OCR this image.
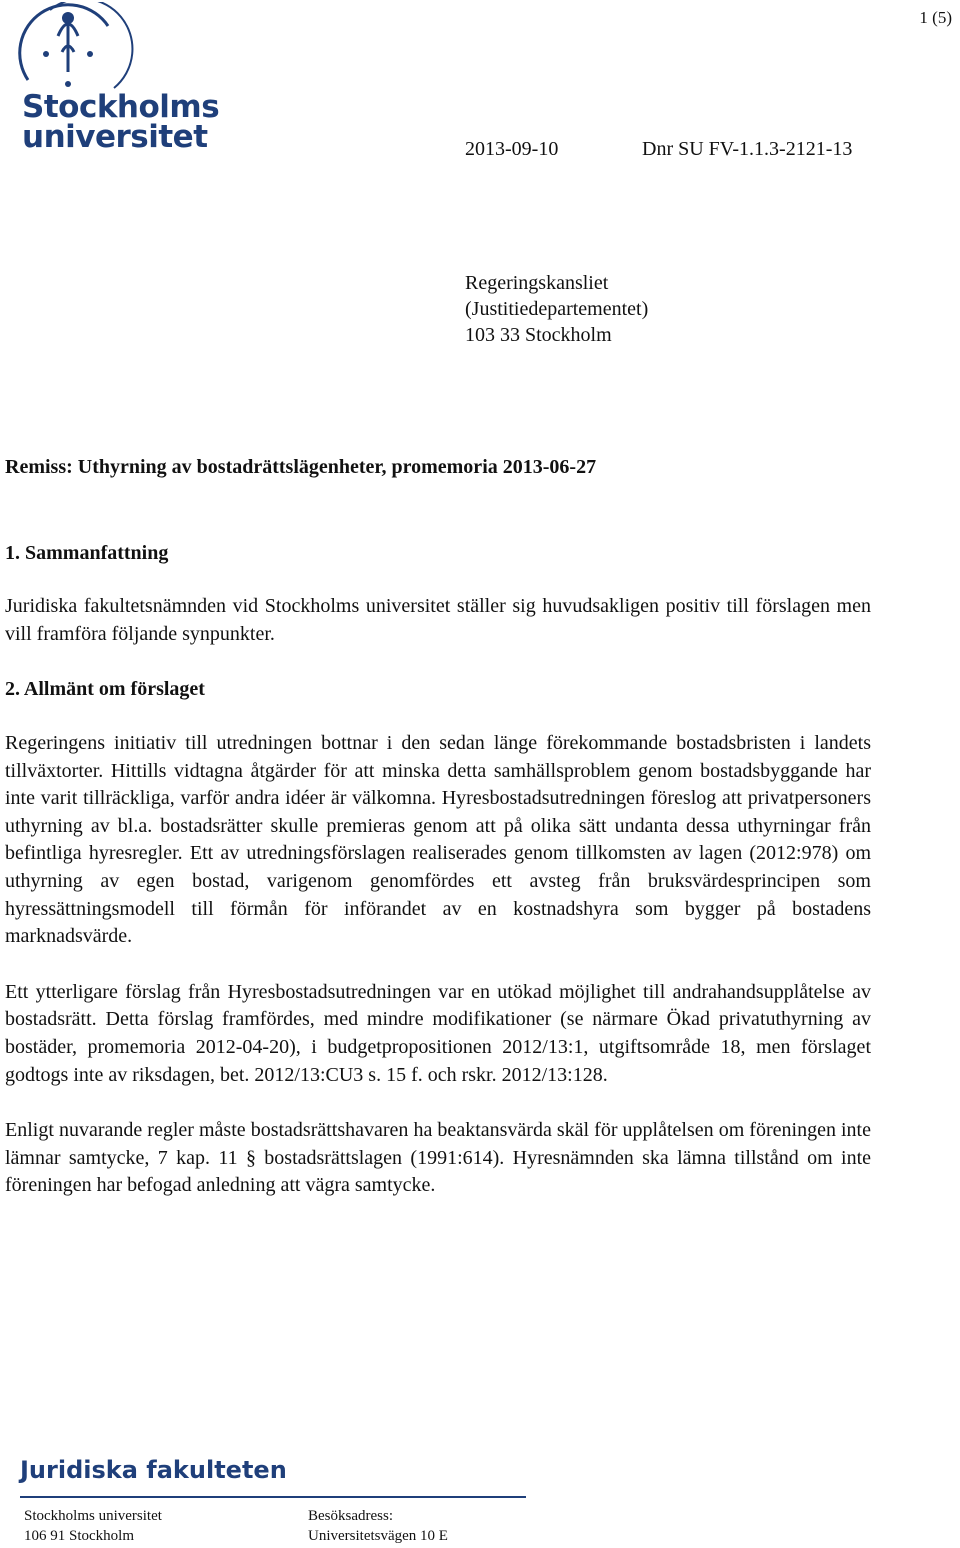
1 (5)
Stockholms
universitet	2013-09-10	Dnr SU FV-1.1.3-2121-13
Regeringskansliet
(Justitiedepartementet)
103 33 Stockholm
Remiss: Uthyrning av bostadrättslägenheter, promemoria 2013-06-27
1. Sammanfattning

Juridiska fakultetsnämnden vid Stockholms universitet ställer sig huvudsakligen positiv till förslagen men vill framföra följande synpunkter.

2. Allmänt om förslaget

Regeringens initiativ till utredningen bottnar i den sedan länge förekommande bostadsbristen i landets tillväxtorter. Hittills vidtagna åtgärder för att minska detta samhällsproblem genom bostadsbyggande har inte varit tillräckliga, varför andra idéer är välkomna. Hyresbostadsutredningen föreslog att privatpersoners uthyrning av bl.a. bostadsrätter skulle premieras genom att på olika sätt undanta dessa uthyrningar från befintliga hyresregler. Ett av utredningsförslagen realiserades genom tillkomsten av lagen (2012:978) om uthyrning av egen bostad, varigenom genomfördes ett avsteg från bruksvärdesprincipen som hyressättningsmodell till förmån för införandet av en kostnadshyra som bygger på bostadens marknadsvärde.

Ett ytterligare förslag från Hyresbostadsutredningen var en utökad möjlighet till andrahandsupplåtelse av bostadsrätt. Detta förslag framfördes, med mindre modifikationer (se närmare Ökad privatuthyrning av bostäder, promemoria 2012-04-20), i budgetpropositionen 2012/13:1, utgiftsområde 18, men förslaget godtogs inte av riksdagen, bet. 2012/13:CU3 s. 15 f. och rskr. 2012/13:128.

Enligt nuvarande regler måste bostadsrättshavaren ha beaktansvärda skäl för upplåtelsen om föreningen inte lämnar samtycke, 7 kap. 11 § bostadsrättslagen (1991:614). Hyresnämnden ska lämna tillstånd om inte föreningen har befogad anledning att vägra samtycke.

Juridiska fakulteten
Stockholms universitet
106 91 Stockholm
Besöksadress:
Universitetsvägen 10 E
